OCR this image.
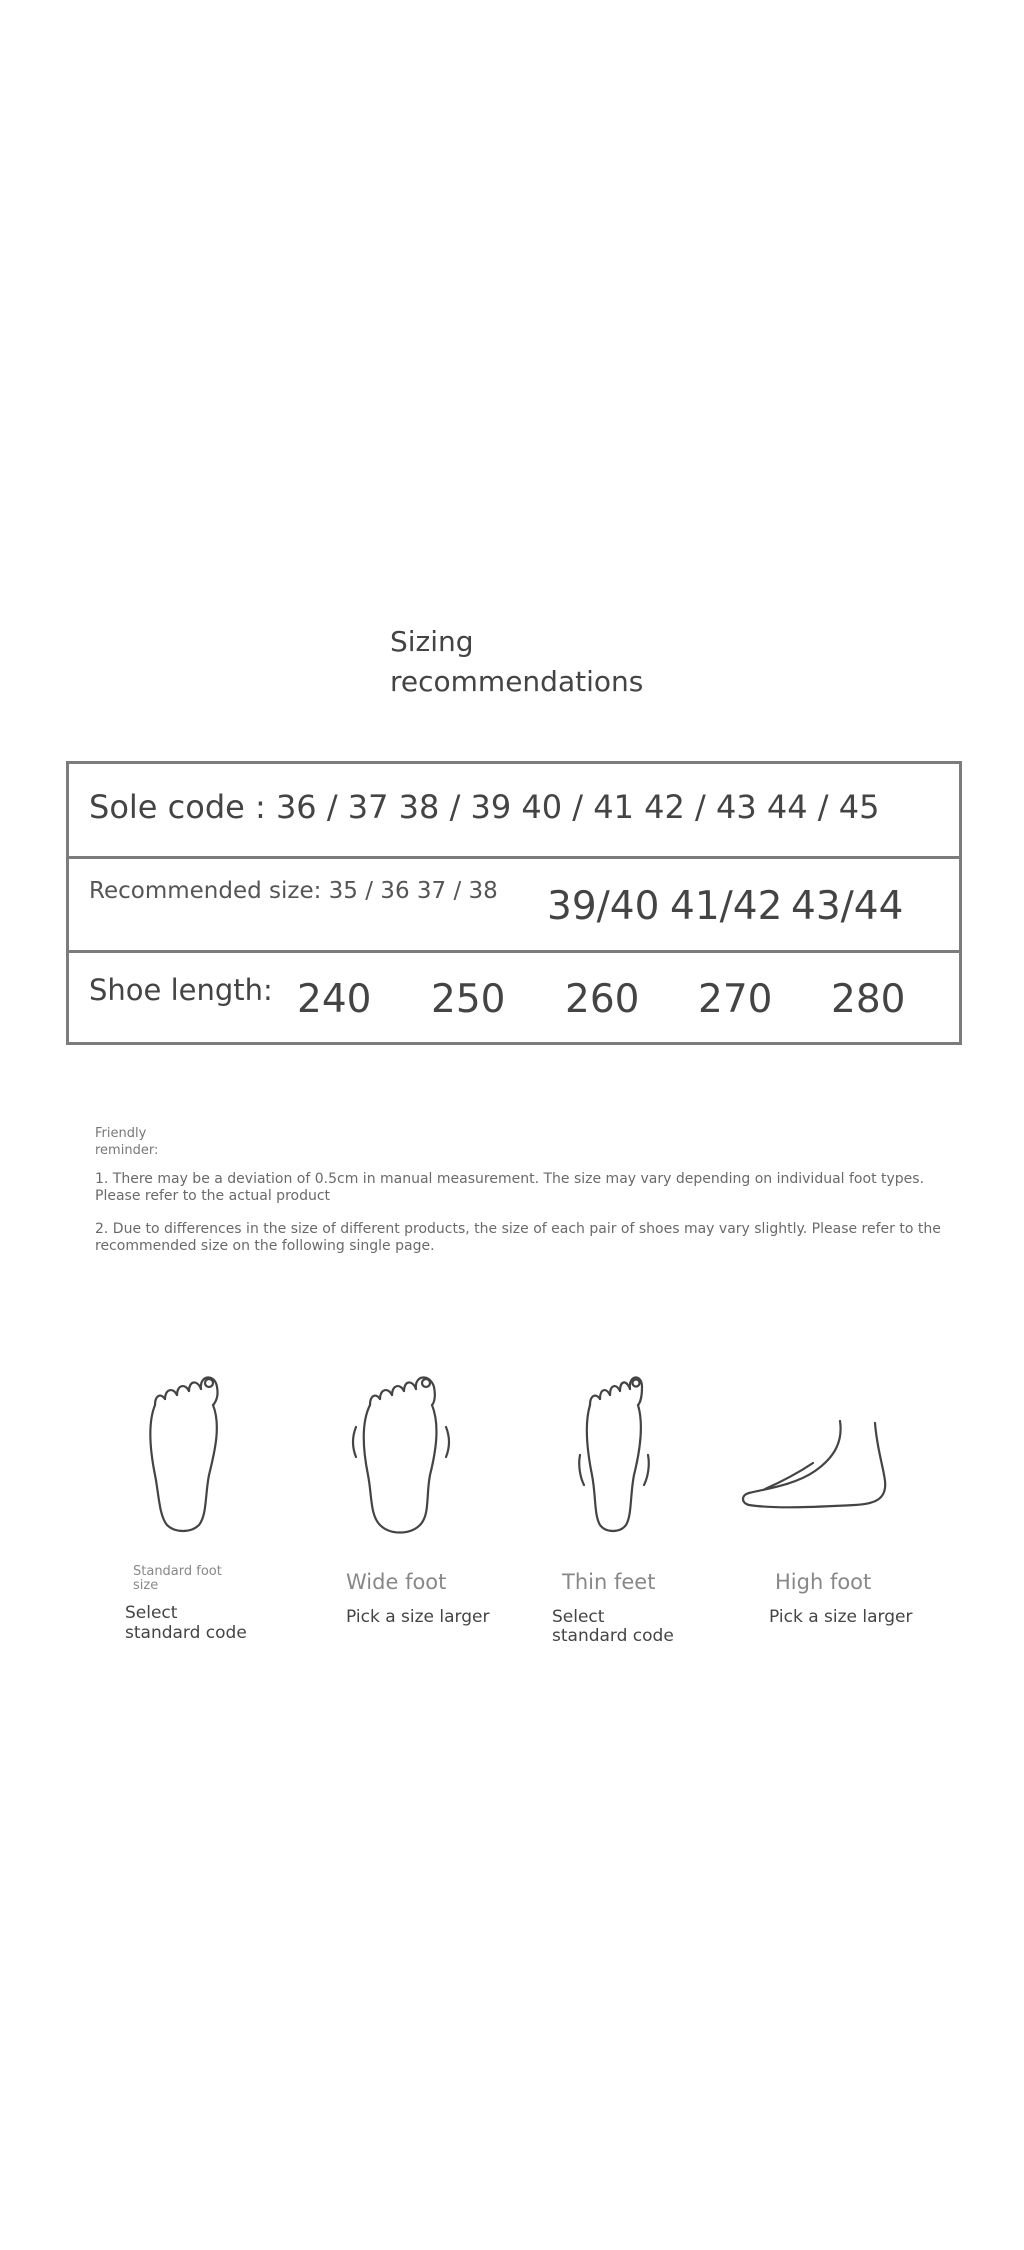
Sizing
recommendations
Sole code : 36 / 37 38 / 39 40 / 41 42 / 43 44 / 45
Recommended size: 35 / 36 37 / 38 39/40 41/42 43/44
Shoe length: 240 250 260 270 280
Friendly reminder:

1. There may be a deviation of 0.5cm in manual measurement. The size may vary depending on individual foot types. Please refer to the actual product

2. Due to differences in the size of different products, the size of each pair of shoes may vary slightly. Please refer to the recommended size on the following single page.

Standard foot size
Select standard code
Wide foot
Pick a size larger
Thin feet
Select standard code
High foot
Pick a size larger
